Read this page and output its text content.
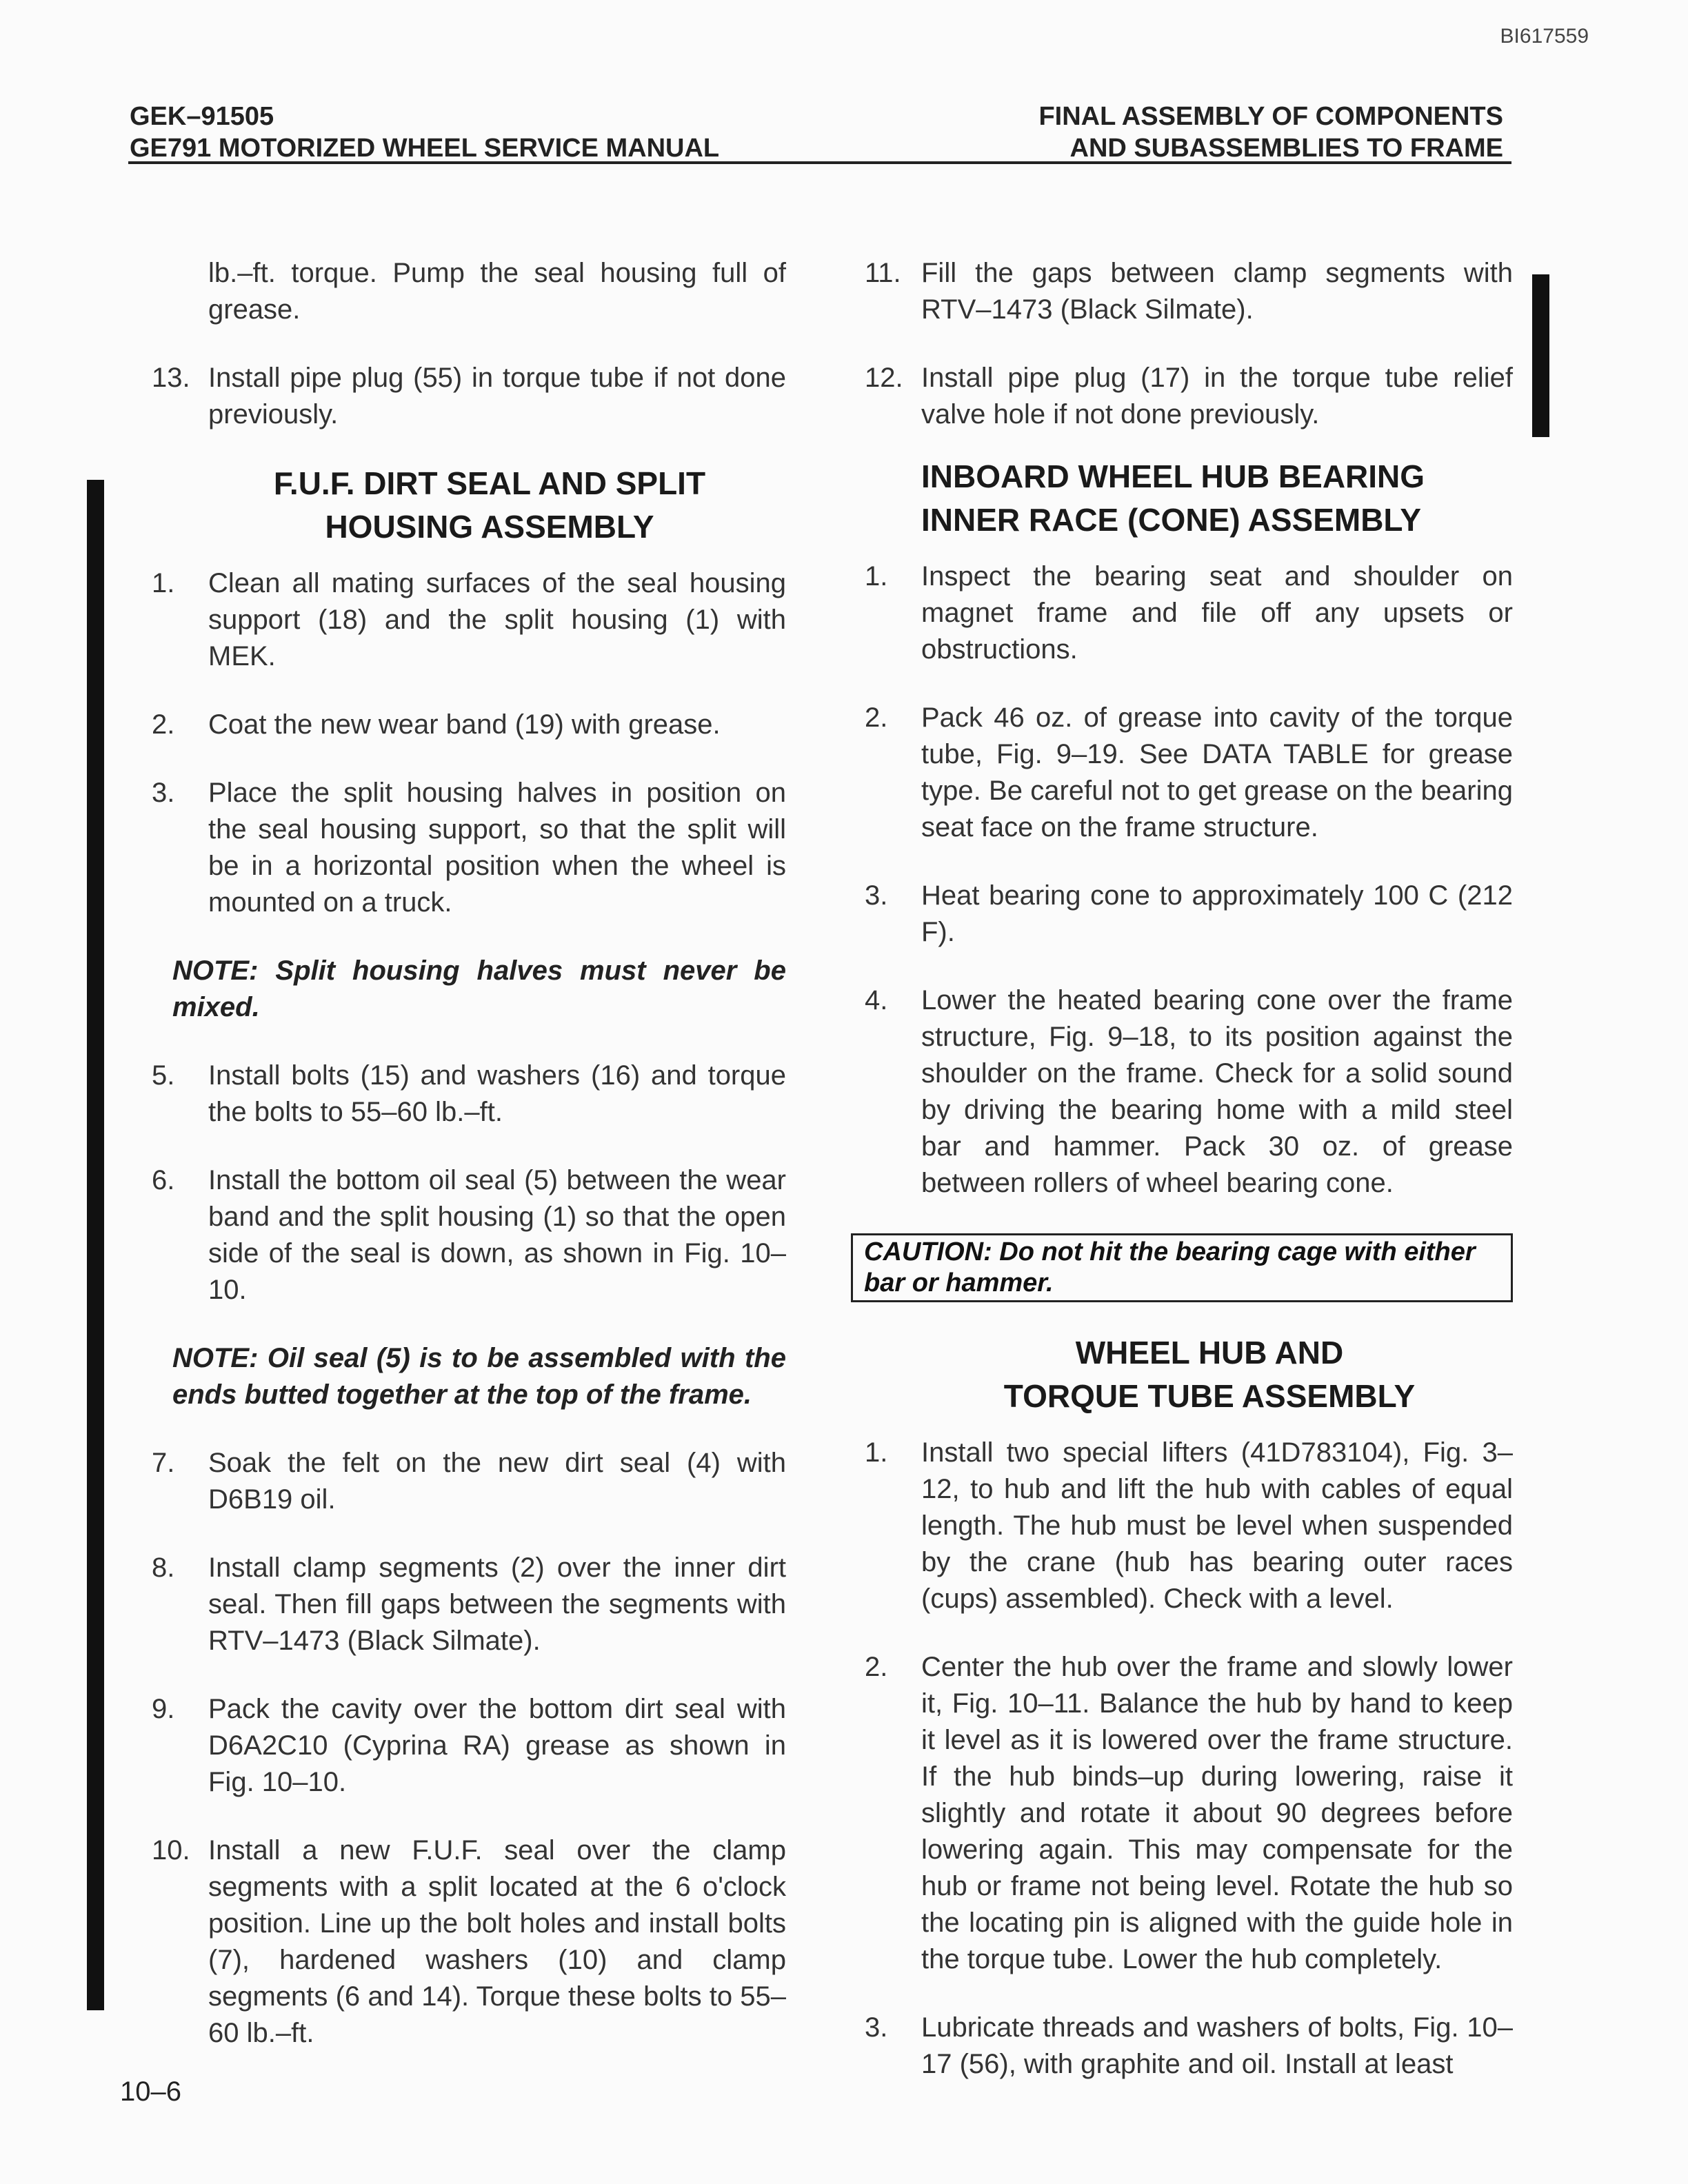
BI617559
GEK–91505
GE791 MOTORIZED WHEEL SERVICE MANUAL
FINAL ASSEMBLY OF COMPONENTS
AND SUBASSEMBLIES TO FRAME
lb.–ft. torque. Pump the seal housing full of grease.
13. Install pipe plug (55) in torque tube if not done previously.
F.U.F. DIRT SEAL AND SPLIT
HOUSING ASSEMBLY
1.	Clean all mating surfaces of the seal housing support (18) and the split housing (1) with MEK.
2.	Coat the new wear band (19) with grease.
3.	Place the split housing halves in position on the seal housing support, so that the split will be in a horizontal position when the wheel is mounted on a truck.
NOTE: Split housing halves must never be mixed.
5.	Install bolts (15) and washers (16) and torque the bolts to 55–60 lb.–ft.
6.	Install the bottom oil seal (5) between the wear band and the split housing (1) so that the open side of the seal is down, as shown in Fig. 10–10.
NOTE: Oil seal (5) is to be assembled with the ends butted together at the top of the frame.
7.	Soak the felt on the new dirt seal (4) with D6B19 oil.
8.	Install clamp segments (2) over the inner dirt seal. Then fill gaps between the segments with RTV–1473 (Black Silmate).
9.	Pack the cavity over the bottom dirt seal with D6A2C10 (Cyprina RA) grease as shown in Fig. 10–10.
10. Install a new F.U.F. seal over the clamp segments with a split located at the 6 o'clock position. Line up the bolt holes and install bolts (7), hardened washers (10) and clamp segments (6 and 14). Torque these bolts to 55–60 lb.–ft.
11. Fill the gaps between clamp segments with RTV–1473 (Black Silmate).
12. Install pipe plug (17) in the torque tube relief valve hole if not done previously.
INBOARD WHEEL HUB BEARING
INNER RACE (CONE) ASSEMBLY
1.	Inspect the bearing seat and shoulder on magnet frame and file off any upsets or obstructions.
2.	Pack 46 oz. of grease into cavity of the torque tube, Fig. 9–19. See DATA TABLE for grease type. Be careful not to get grease on the bearing seat face on the frame structure.
3.	Heat bearing cone to approximately 100 C (212 F).
4.	Lower the heated bearing cone over the frame structure, Fig. 9–18, to its position against the shoulder on the frame. Check for a solid sound by driving the bearing home with a mild steel bar and hammer. Pack 30 oz. of grease between rollers of wheel bearing cone.
CAUTION: Do not hit the bearing cage with either bar or hammer.
WHEEL HUB AND
TORQUE TUBE ASSEMBLY
1.	Install two special lifters (41D783104), Fig. 3–12, to hub and lift the hub with cables of equal length. The hub must be level when suspended by the crane (hub has bearing outer races (cups) assembled). Check with a level.
2.	Center the hub over the frame and slowly lower it, Fig. 10–11. Balance the hub by hand to keep it level as it is lowered over the frame structure. If the hub binds–up during lowering, raise it slightly and rotate it about 90 degrees before lowering again. This may compensate for the hub or frame not being level. Rotate the hub so the locating pin is aligned with the guide hole in the torque tube. Lower the hub completely.
3.	Lubricate threads and washers of bolts, Fig. 10–17 (56), with graphite and oil. Install at least
10–6
